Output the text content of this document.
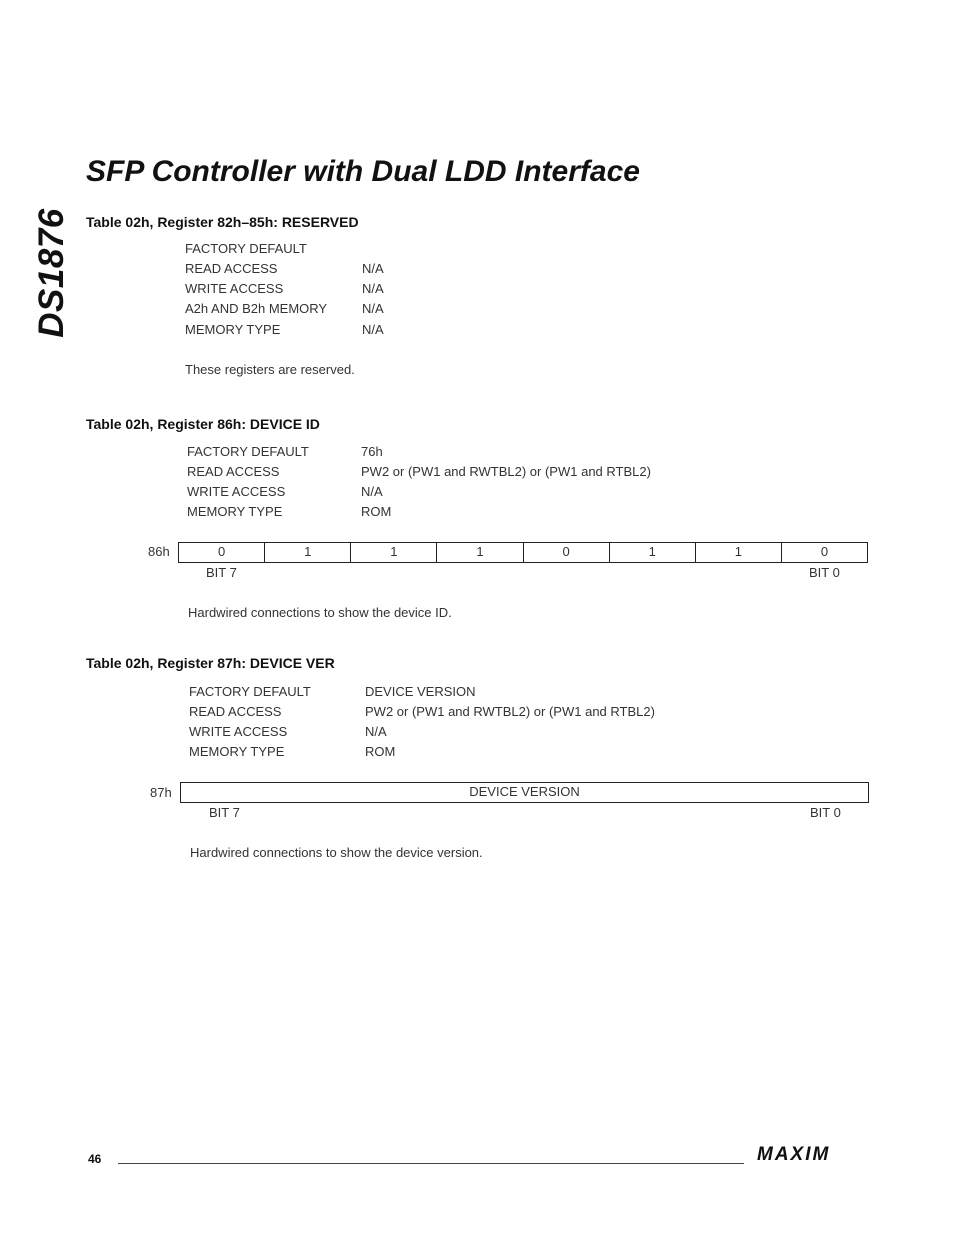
DS1876
SFP Controller with Dual LDD Interface
Table 02h, Register 82h–85h: RESERVED
FACTORY DEFAULT
READ ACCESS	N/A
WRITE ACCESS	N/A
A2h AND B2h MEMORY	N/A
MEMORY TYPE	N/A
These registers are reserved.
Table 02h, Register 86h: DEVICE ID
FACTORY DEFAULT	76h
READ ACCESS	PW2 or (PW1 and RWTBL2) or (PW1 and RTBL2)
WRITE ACCESS	N/A
MEMORY TYPE	ROM
86h	0	1	1	1	0	1	1	0
BIT 7	BIT 0
Hardwired connections to show the device ID.
Table 02h, Register 87h: DEVICE VER
FACTORY DEFAULT	DEVICE VERSION
READ ACCESS	PW2 or (PW1 and RWTBL2) or (PW1 and RTBL2)
WRITE ACCESS	N/A
MEMORY TYPE	ROM
87h	DEVICE VERSION
BIT 7	BIT 0
Hardwired connections to show the device version.
46	MAXIM
